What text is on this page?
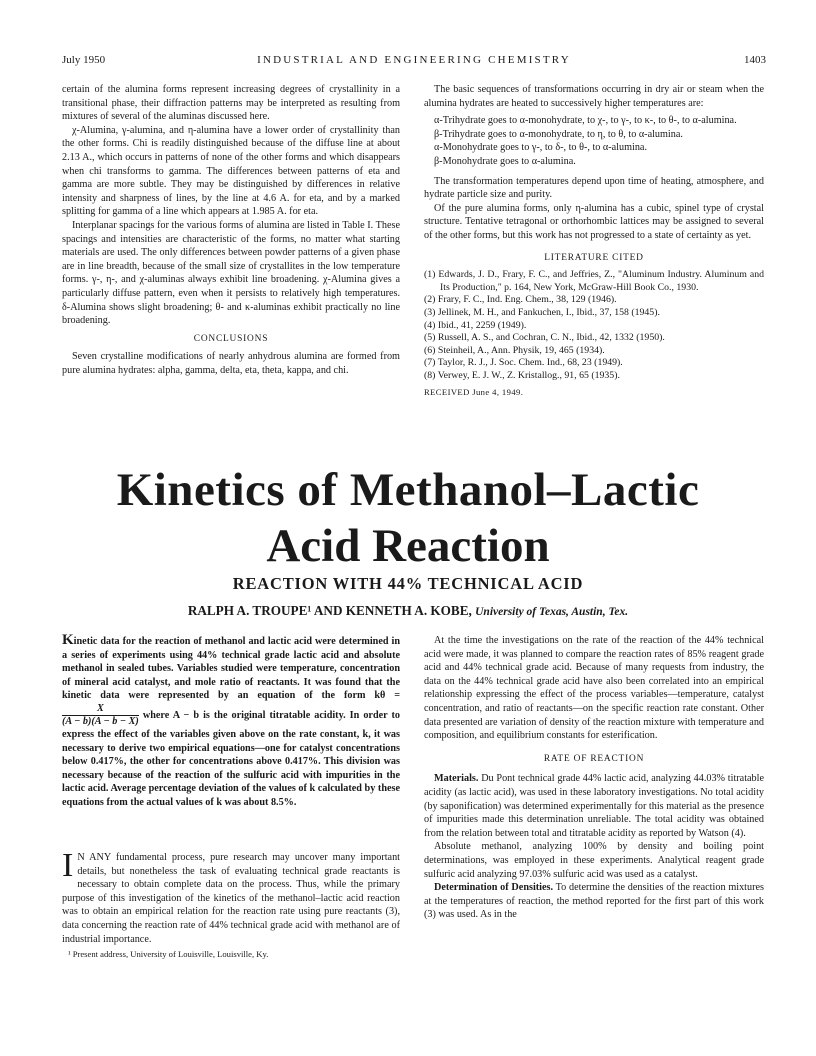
July 1950	INDUSTRIAL AND ENGINEERING CHEMISTRY	1403

certain of the alumina forms represent increasing degrees of crystallinity in a transitional phase, their diffraction patterns may be interpreted as resulting from mixtures of several of the aluminas discussed here.

χ-Alumina, γ-alumina, and η-alumina have a lower order of crystallinity than the other forms. Chi is readily distinguished because of the diffuse line at about 2.13 A., which occurs in patterns of none of the other forms and which disappears when chi transforms to gamma. The differences between patterns of eta and gamma are more subtle. They may be distinguished by differences in relative intensity and sharpness of lines, by the line at 4.6 A. for eta, and by a marked splitting for gamma of a line which appears at 1.985 A. for eta.

Interplanar spacings for the various forms of alumina are listed in Table I. These spacings and intensities are characteristic of the forms, no matter what starting materials are used. The only differences between powder patterns of a given phase are in line breadth, because of the small size of crystallites in the low temperature forms. γ-, η-, and χ-aluminas always exhibit line broadening. χ-Alumina gives a particularly diffuse pattern, even when it persists to relatively high temperatures. δ-Alumina shows slight broadening; θ- and κ-aluminas exhibit practically no line broadening.

CONCLUSIONS

Seven crystalline modifications of nearly anhydrous alumina are formed from pure alumina hydrates: alpha, gamma, delta, eta, theta, kappa, and chi.

The basic sequences of transformations occurring in dry air or steam when the alumina hydrates are heated to successively higher temperatures are:

α-Trihydrate goes to α-monohydrate, to χ-, to γ-, to κ-, to θ-, to α-alumina.
β-Trihydrate goes to α-monohydrate, to η, to θ, to α-alumina.
α-Monohydrate goes to γ-, to δ-, to θ-, to α-alumina.
β-Monohydrate goes to α-alumina.

The transformation temperatures depend upon time of heating, atmosphere, and hydrate particle size and purity.

Of the pure alumina forms, only η-alumina has a cubic, spinel type of crystal structure. Tentative tetragonal or orthorhombic lattices may be assigned to several of the other forms, but this work has not progressed to a state of certainty as yet.

LITERATURE CITED
(1) Edwards, J. D., Frary, F. C., and Jeffries, Z., "Aluminum Industry. Aluminum and Its Production," p. 164, New York, McGraw-Hill Book Co., 1930.
(2) Frary, F. C., Ind. Eng. Chem., 38, 129 (1946).
(3) Jellinek, M. H., and Fankuchen, I., Ibid., 37, 158 (1945).
(4) Ibid., 41, 2259 (1949).
(5) Russell, A. S., and Cochran, C. N., Ibid., 42, 1332 (1950).
(6) Steinheil, A., Ann. Physik, 19, 465 (1934).
(7) Taylor, R. J., J. Soc. Chem. Ind., 68, 23 (1949).
(8) Verwey, E. J. W., Z. Kristallog., 91, 65 (1935).
RECEIVED June 4, 1949.
Kinetics of Methanol–Lactic
Acid Reaction
REACTION WITH 44% TECHNICAL ACID
RALPH A. TROUPE¹ AND KENNETH A. KOBE, University of Texas, Austin, Tex.
Kinetic data for the reaction of methanol and lactic acid were determined in a series of experiments using 44% technical grade lactic acid and absolute methanol in sealed tubes. Variables studied were temperature, concentration of mineral acid catalyst, and mole ratio of reactants. It was found that the kinetic data were represented by an equation of the form kθ =
$\frac{X}{(A - b)(A - b - X)}$ where A − b is the original titratable acidity. In order to express the effect of the variables given above on the rate constant, k, it was necessary to derive two empirical equations—one for catalyst concentrations below 0.417%, the other for concentrations above 0.417%. This division was necessary because of the reaction of the sulfuric acid with impurities in the lactic acid. Average percentage deviation of the values of k calculated by these equations from the actual values of k was about 8.5%.
I N ANY fundamental process, pure research may uncover many important details, but nonetheless the task of evaluating technical grade reactants is necessary to obtain complete data on the process. Thus, while the primary purpose of this investigation of the kinetics of the methanol–lactic acid reaction was to obtain an empirical relation for the reaction rate using pure reactants (3), data concerning the reaction rate of 44% technical grade acid with methanol are of industrial importance.

¹ Present address, University of Louisville, Louisville, Ky.

At the time the investigations on the rate of the reaction of the 44% technical acid were made, it was planned to compare the reaction rates of 85% reagent grade acid and 44% technical grade acid. Because of many requests from industry, the data on the 44% technical grade acid have also been correlated into an empirical relationship expressing the effect of the process variables—temperature, catalyst concentration, and ratio of reactants—on the specific reaction rate constant. Other data presented are variation of density of the reaction mixture with temperature and composition, and equilibrium constants for esterification.

RATE OF REACTION

Materials. Du Pont technical grade 44% lactic acid, analyzing 44.03% titratable acidity (as lactic acid), was used in these laboratory investigations. No total acidity (by saponification) was determined experimentally for this material as the presence of impurities made this determination unreliable. The total acidity was obtained from the relation between total and titratable acidity as reported by Watson (4).

Absolute methanol, analyzing 100% by density and boiling point determinations, was employed in these experiments. Analytical reagent grade sulfuric acid analyzing 97.03% sulfuric acid was used as a catalyst.

Determination of Densities. To determine the densities of the reaction mixtures at the temperatures of reaction, the method reported for the first part of this work (3) was used. As in the
